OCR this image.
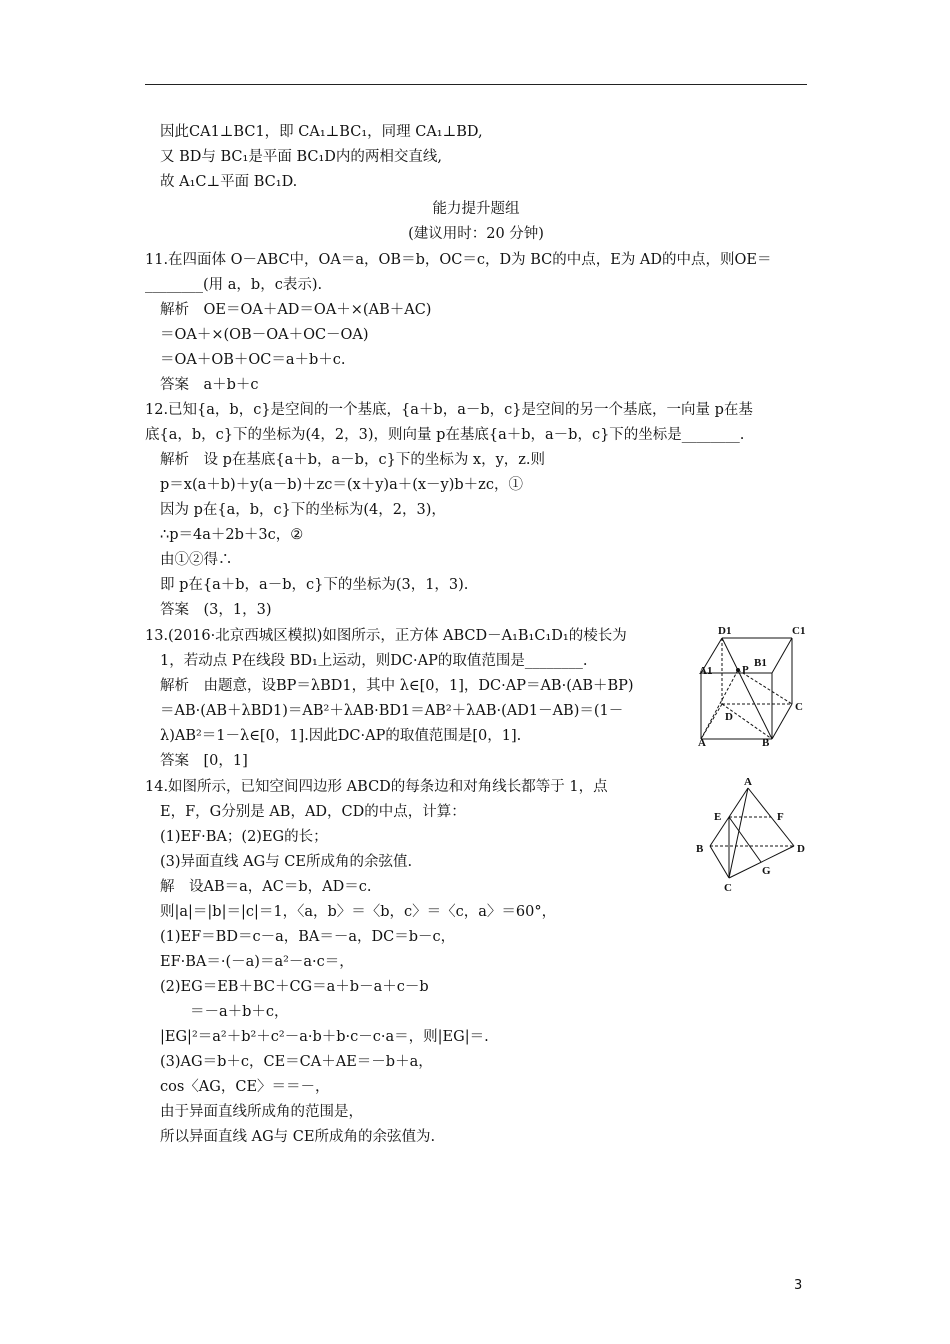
因此CA1⊥BC1，即 CA₁⊥BC₁，同理 CA₁⊥BD,
又 BD与 BC₁是平面 BC₁D内的两相交直线,
故 A₁C⊥平面 BC₁D.
能力提升题组
(建议用时：20 分钟)
11.在四面体 O－ABC中，OA＝a，OB＝b，OC＝c，D为 BC的中点，E为 AD的中点，则OE＝
________(用 a，b，c表示).
解析　OE＝OA＋AD＝OA＋×(AB＋AC)
＝OA＋×(OB－OA＋OC－OA)
＝OA＋OB＋OC＝a＋b＋c.
答案　a＋b＋c
12.已知{a，b，c}是空间的一个基底，{a＋b，a－b，c}是空间的另一个基底，一向量 p在基
底{a，b，c}下的坐标为(4，2，3)，则向量 p在基底{a＋b，a－b，c}下的坐标是________.
解析　设 p在基底{a＋b，a－b，c}下的坐标为 x，y，z.则
p＝x(a＋b)＋y(a－b)＋zc＝(x＋y)a＋(x－y)b＋zc，①
因为 p在{a，b，c}下的坐标为(4，2，3)，
∴p＝4a＋2b＋3c，②
由①②得∴
即 p在{a＋b，a－b，c}下的坐标为(3，1，3).
答案　(3，1，3)
13.(2016·北京西城区模拟)如图所示，正方体 ABCD－A₁B₁C₁D₁的棱长为
1，若动点 P在线段 BD₁上运动，则DC·AP的取值范围是________.
解析　由题意，设BP＝λBD1，其中 λ∈[0，1]，DC·AP＝AB·(AB＋BP)
＝AB·(AB＋λBD1)＝AB²＋λAB·BD1＝AB²＋λAB·(AD1－AB)＝(1－
λ)AB²＝1－λ∈[0，1].因此DC·AP的取值范围是[0，1].
答案　[0，1]
14.如图所示，已知空间四边形 ABCD的每条边和对角线长都等于 1，点
E，F，G分别是 AB，AD，CD的中点，计算：
(1)EF·BA；(2)EG的长；
(3)异面直线 AG与 CE所成角的余弦值.
解　设AB＝a，AC＝b，AD＝c.
则|a|＝|b|＝|c|＝1，〈a，b〉＝〈b，c〉＝〈c，a〉＝60°，
(1)EF＝BD＝c－a，BA＝－a，DC＝b－c，
EF·BA＝·(－a)＝a²－a·c＝，
(2)EG＝EB＋BC＋CG＝a＋b－a＋c－b
＝－a＋b＋c，
|EG|²＝a²＋b²＋c²－a·b＋b·c－c·a＝，则|EG|＝.
(3)AG＝b＋c，CE＝CA＋AE＝－b＋a，
cos〈AG，CE〉＝＝－，
由于异面直线所成角的范围是，
所以异面直线 AG与 CE所成角的余弦值为.
D1	C1
B1
A1	P
D
C
A	B
A
E	F
B	D
G
C
3
